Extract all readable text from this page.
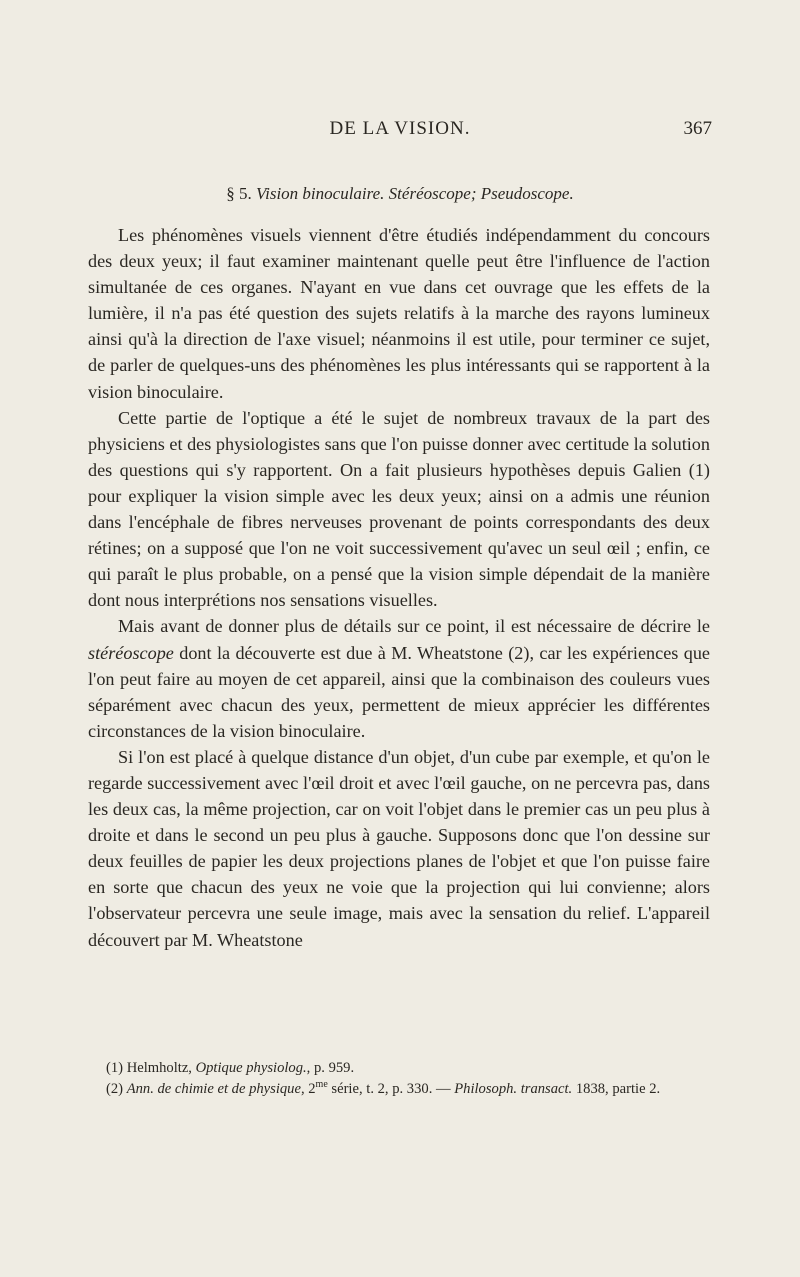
DE LA VISION.	367
§ 5. Vision binoculaire. Stéréoscope; Pseudoscope.

Les phénomènes visuels viennent d'être étudiés indépendamment du concours des deux yeux; il faut examiner maintenant quelle peut être l'influence de l'action simultanée de ces organes. N'ayant en vue dans cet ouvrage que les effets de la lumière, il n'a pas été question des sujets relatifs à la marche des rayons lumineux ainsi qu'à la direction de l'axe visuel; néanmoins il est utile, pour terminer ce sujet, de parler de quelques-uns des phénomènes les plus intéressants qui se rapportent à la vision binoculaire.

Cette partie de l'optique a été le sujet de nombreux travaux de la part des physiciens et des physiologistes sans que l'on puisse donner avec certitude la solution des questions qui s'y rapportent. On a fait plusieurs hypothèses depuis Galien (1) pour expliquer la vision simple avec les deux yeux; ainsi on a admis une réunion dans l'encéphale de fibres nerveuses provenant de points correspondants des deux rétines; on a supposé que l'on ne voit successivement qu'avec un seul œil ; enfin, ce qui paraît le plus probable, on a pensé que la vision simple dépendait de la manière dont nous interprétions nos sensations visuelles.

Mais avant de donner plus de détails sur ce point, il est nécessaire de décrire le stéréoscope dont la découverte est due à M. Wheatstone (2), car les expériences que l'on peut faire au moyen de cet appareil, ainsi que la combinaison des couleurs vues séparément avec chacun des yeux, permettent de mieux apprécier les différentes circonstances de la vision binoculaire.

Si l'on est placé à quelque distance d'un objet, d'un cube par exemple, et qu'on le regarde successivement avec l'œil droit et avec l'œil gauche, on ne percevra pas, dans les deux cas, la même projection, car on voit l'objet dans le premier cas un peu plus à droite et dans le second un peu plus à gauche. Supposons donc que l'on dessine sur deux feuilles de papier les deux projections planes de l'objet et que l'on puisse faire en sorte que chacun des yeux ne voie que la projection qui lui convienne; alors l'observateur percevra une seule image, mais avec la sensation du relief. L'appareil découvert par M. Wheatstone

(1) Helmholtz, Optique physiolog., p. 959.

(2) Ann. de chimie et de physique, $2^{me}$ série, t. 2, p. 330. — Philosoph. transact. 1838, partie 2.
